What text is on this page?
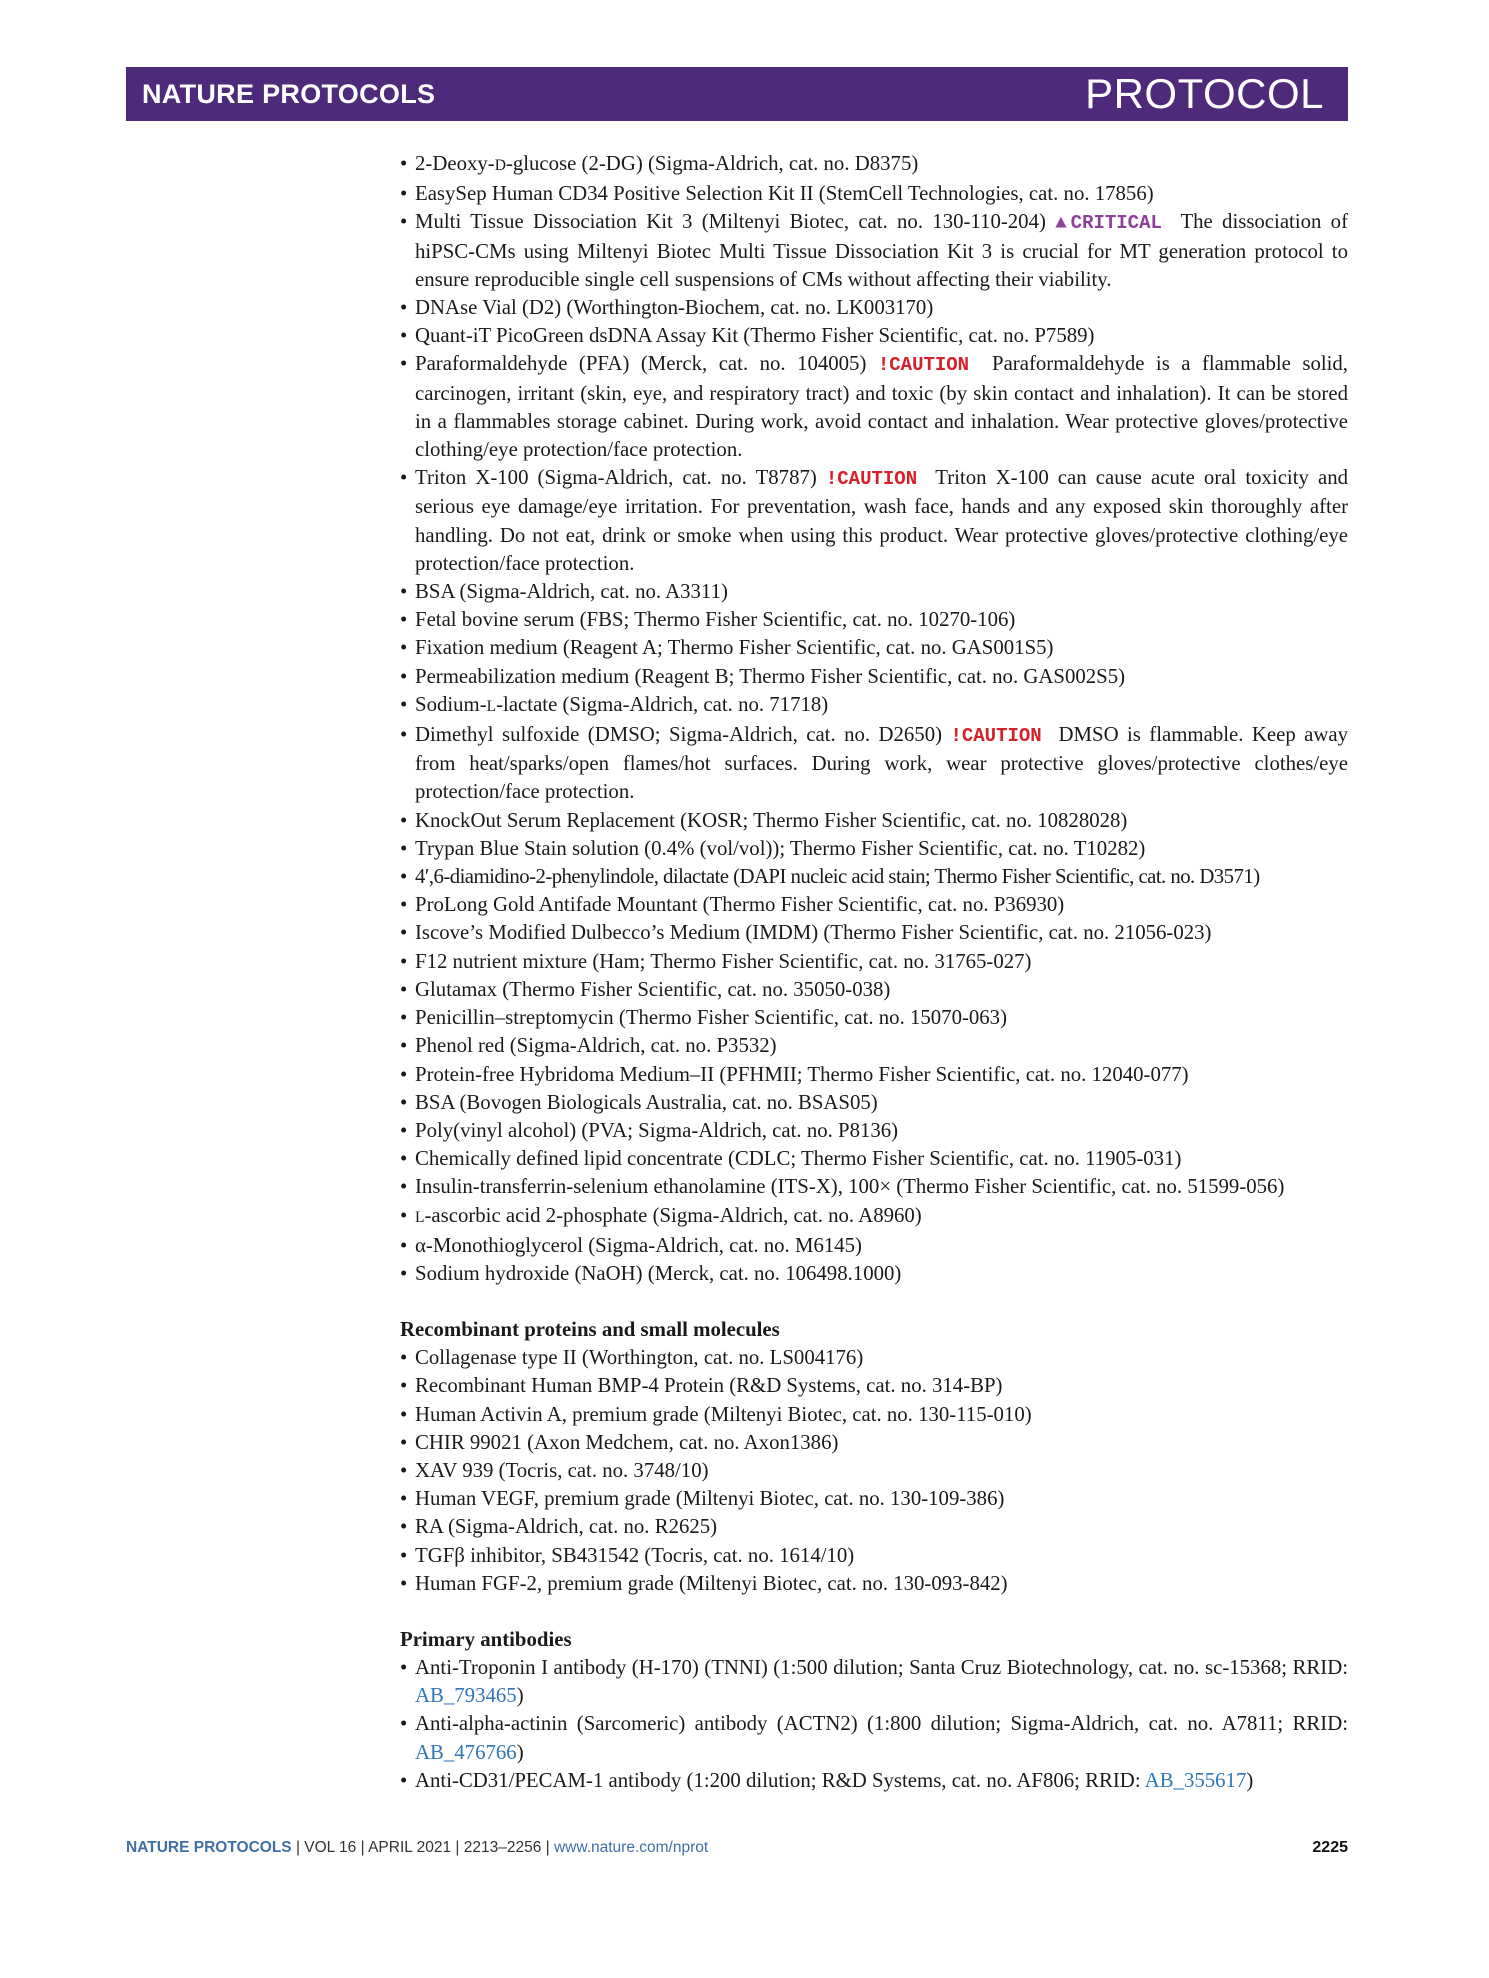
NATURE PROTOCOLS	PROTOCOL
• 2-Deoxy-D-glucose (2-DG) (Sigma-Aldrich, cat. no. D8375)
• EasySep Human CD34 Positive Selection Kit II (StemCell Technologies, cat. no. 17856)
• Multi Tissue Dissociation Kit 3 (Miltenyi Biotec, cat. no. 130-110-204) ▲CRITICAL  The dissociation of hiPSC-CMs using Miltenyi Biotec Multi Tissue Dissociation Kit 3 is crucial for MT generation protocol to ensure reproducible single cell suspensions of CMs without affecting their viability.
• DNAse Vial (D2) (Worthington-Biochem, cat. no. LK003170)
• Quant-iT PicoGreen dsDNA Assay Kit (Thermo Fisher Scientific, cat. no. P7589)
• Paraformaldehyde (PFA) (Merck, cat. no. 104005) !CAUTION  Paraformaldehyde is a flammable solid, carcinogen, irritant (skin, eye, and respiratory tract) and toxic (by skin contact and inhalation). It can be stored in a flammables storage cabinet. During work, avoid contact and inhalation. Wear protective gloves/protective clothing/eye protection/face protection.
• Triton X-100 (Sigma-Aldrich, cat. no. T8787) !CAUTION  Triton X-100 can cause acute oral toxicity and serious eye damage/eye irritation. For preventation, wash face, hands and any exposed skin thoroughly after handling. Do not eat, drink or smoke when using this product. Wear protective gloves/protective clothing/eye protection/face protection.
• BSA (Sigma-Aldrich, cat. no. A3311)
• Fetal bovine serum (FBS; Thermo Fisher Scientific, cat. no. 10270-106)
• Fixation medium (Reagent A; Thermo Fisher Scientific, cat. no. GAS001S5)
• Permeabilization medium (Reagent B; Thermo Fisher Scientific, cat. no. GAS002S5)
• Sodium-L-lactate (Sigma-Aldrich, cat. no. 71718)
• Dimethyl sulfoxide (DMSO; Sigma-Aldrich, cat. no. D2650) !CAUTION  DMSO is flammable. Keep away from heat/sparks/open flames/hot surfaces. During work, wear protective gloves/protective clothes/eye protection/face protection.
• KnockOut Serum Replacement (KOSR; Thermo Fisher Scientific, cat. no. 10828028)
• Trypan Blue Stain solution (0.4% (vol/vol)); Thermo Fisher Scientific, cat. no. T10282)
• 4′,6-diamidino-2-phenylindole, dilactate (DAPI nucleic acid stain; Thermo Fisher Scientific, cat. no. D3571)
• ProLong Gold Antifade Mountant (Thermo Fisher Scientific, cat. no. P36930)
• Iscove’s Modified Dulbecco’s Medium (IMDM) (Thermo Fisher Scientific, cat. no. 21056-023)
• F12 nutrient mixture (Ham; Thermo Fisher Scientific, cat. no. 31765-027)
• Glutamax (Thermo Fisher Scientific, cat. no. 35050-038)
• Penicillin–streptomycin (Thermo Fisher Scientific, cat. no. 15070-063)
• Phenol red (Sigma-Aldrich, cat. no. P3532)
• Protein-free Hybridoma Medium–II (PFHMII; Thermo Fisher Scientific, cat. no. 12040-077)
• BSA (Bovogen Biologicals Australia, cat. no. BSAS05)
• Poly(vinyl alcohol) (PVA; Sigma-Aldrich, cat. no. P8136)
• Chemically defined lipid concentrate (CDLC; Thermo Fisher Scientific, cat. no. 11905-031)
• Insulin-transferrin-selenium ethanolamine (ITS-X), 100× (Thermo Fisher Scientific, cat. no. 51599-056)
• L-ascorbic acid 2-phosphate (Sigma-Aldrich, cat. no. A8960)
• α-Monothioglycerol (Sigma-Aldrich, cat. no. M6145)
• Sodium hydroxide (NaOH) (Merck, cat. no. 106498.1000)
Recombinant proteins and small molecules
• Collagenase type II (Worthington, cat. no. LS004176)
• Recombinant Human BMP-4 Protein (R&D Systems, cat. no. 314-BP)
• Human Activin A, premium grade (Miltenyi Biotec, cat. no. 130-115-010)
• CHIR 99021 (Axon Medchem, cat. no. Axon1386)
• XAV 939 (Tocris, cat. no. 3748/10)
• Human VEGF, premium grade (Miltenyi Biotec, cat. no. 130-109-386)
• RA (Sigma-Aldrich, cat. no. R2625)
• TGFβ inhibitor, SB431542 (Tocris, cat. no. 1614/10)
• Human FGF-2, premium grade (Miltenyi Biotec, cat. no. 130-093-842)
Primary antibodies
• Anti-Troponin I antibody (H-170) (TNNI) (1:500 dilution; Santa Cruz Biotechnology, cat. no. sc-15368; RRID: AB_793465)
• Anti-alpha-actinin (Sarcomeric) antibody (ACTN2) (1:800 dilution; Sigma-Aldrich, cat. no. A7811; RRID: AB_476766)
• Anti-CD31/PECAM-1 antibody (1:200 dilution; R&D Systems, cat. no. AF806; RRID: AB_355617)
NATURE PROTOCOLS | VOL 16 | APRIL 2021 | 2213–2256 | www.nature.com/nprot	2225
